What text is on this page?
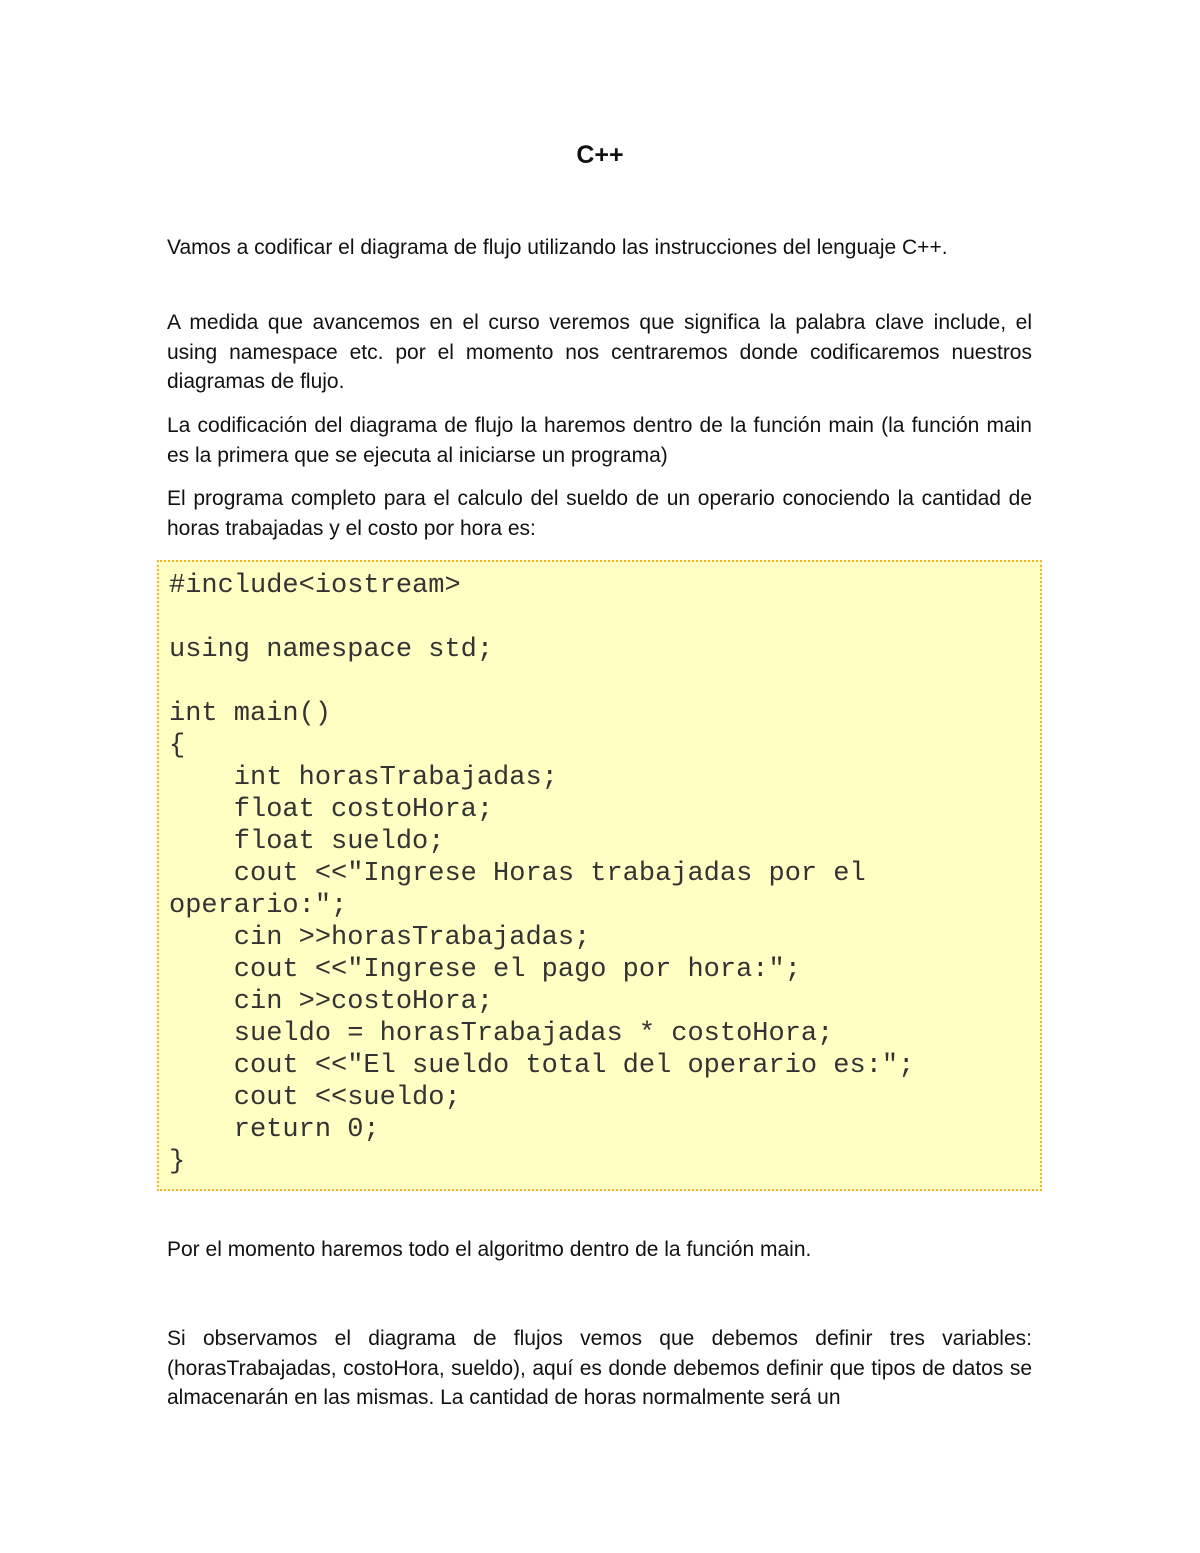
C++

Vamos a codificar el diagrama de flujo utilizando las instrucciones del lenguaje C++.

A medida que avancemos en el curso veremos que significa la palabra clave include, el using namespace etc. por el momento nos centraremos donde codificaremos nuestros diagramas de flujo.

La codificación del diagrama de flujo la haremos dentro de la función main (la función main es la primera que se ejecuta al iniciarse un programa)

El programa completo para el calculo del sueldo de un operario conociendo la cantidad de horas trabajadas y el costo por hora es:

#include<iostream>
using namespace std;
int main()
{
int horasTrabajadas;
float costoHora;
float sueldo;
cout <<"Ingrese Horas trabajadas por el
operario:";
cin >>horasTrabajadas;
cout <<"Ingrese el pago por hora:";
cin >>costoHora;
sueldo = horasTrabajadas * costoHora;
cout <<"El sueldo total del operario es:";
cout <<sueldo;
return 0;
}

Por el momento haremos todo el algoritmo dentro de la función main.

Si observamos el diagrama de flujos vemos que debemos definir tres variables: (horasTrabajadas, costoHora, sueldo), aquí es donde debemos definir que tipos de datos se almacenarán en las mismas. La cantidad de horas normalmente será un
